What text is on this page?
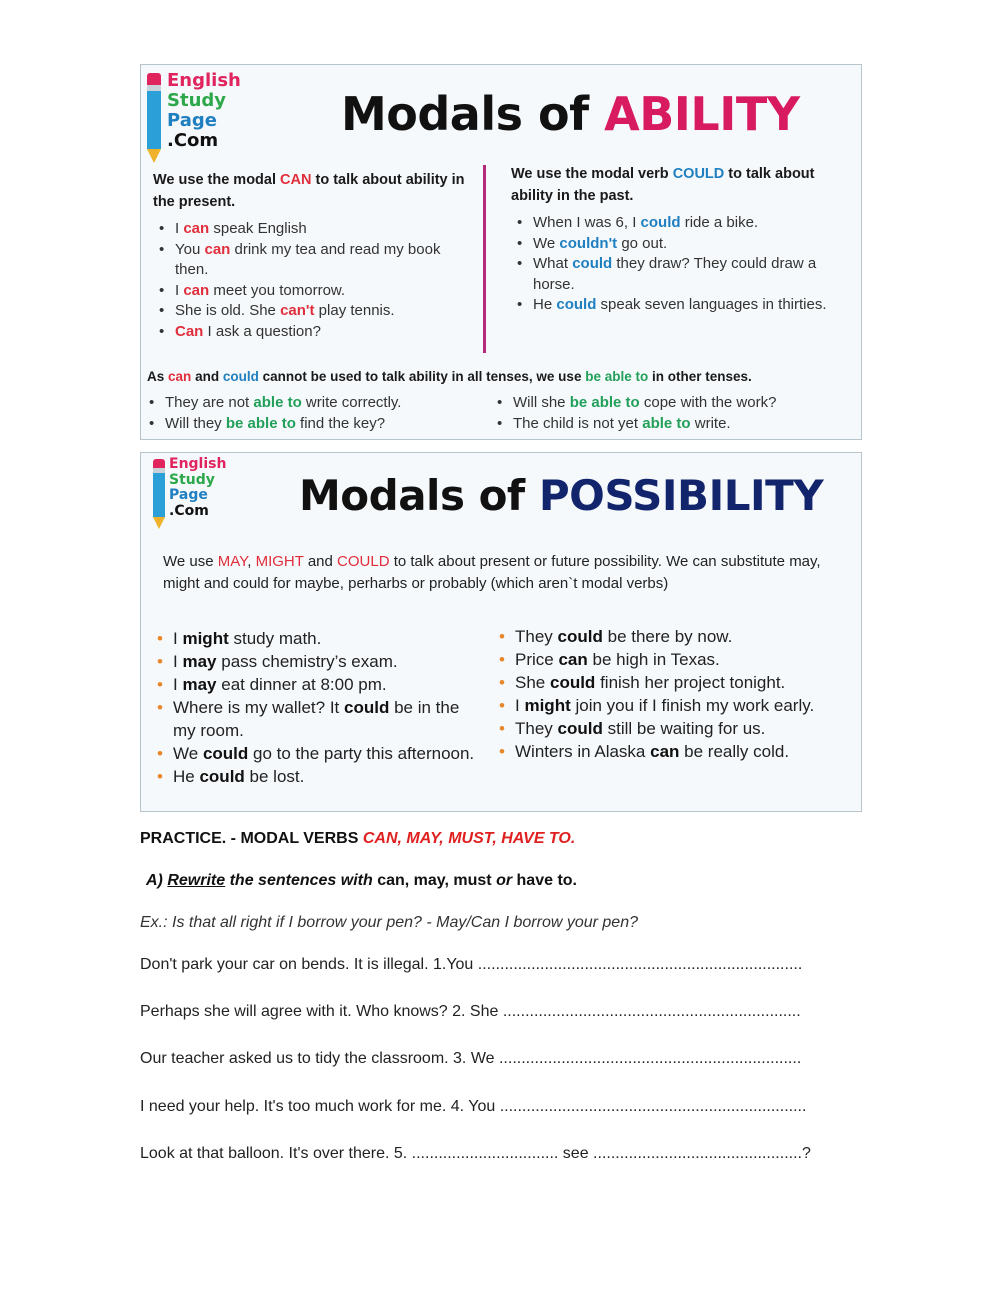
English
Study
Page
.Com	Modals of ABILITY
We use the modal CAN to talk about ability in the present.
• I can speak English
• You can drink my tea and read my book then.
• I can meet you tomorrow.
• She is old. She can't play tennis.
• Can I ask a question?
We use the modal verb COULD to talk about ability in the past.
• When I was 6, I could ride a bike.
• We couldn't go out.
• What could they draw? They could draw a horse.
• He could speak seven languages in thirties.
As can and could cannot be used to talk ability in all tenses, we use be able to in other tenses.
• They are not able to write correctly.
• Will they be able to find the key?
• Will she be able to cope with the work?
• The child is not yet able to write.
English
Study
Page
.Com	Modals of POSSIBILITY
We use MAY, MIGHT and COULD to talk about present or future possibility. We can substitute may, might and could for maybe, perharbs or probably (which aren`t modal verbs)
• I might study math.
• I may pass chemistry’s exam.
• I may eat dinner at 8:00 pm.
• Where is my wallet? It could be in the my room.
• We could go to the party this afternoon.
• He could be lost.
• They could be there by now.
• Price can be high in Texas.
• She could finish her project tonight.
• I might join you if I finish my work early.
• They could still be waiting for us.
• Winters in Alaska can be really cold.
PRACTICE. - MODAL VERBS CAN, MAY, MUST, HAVE TO.
A) Rewrite the sentences with can, may, must or have to.
Ex.: Is that all right if I borrow your pen? - May/Can I borrow your pen?
Don't park your car on bends. It is illegal. 1.You .........................................................................
Perhaps she will agree with it. Who knows? 2. She ...................................................................
Our teacher asked us to tidy the classroom. 3. We ....................................................................
I need your help. It's too much work for me. 4. You .....................................................................
Look at that balloon. It's over there. 5. ................................. see ...............................................?
